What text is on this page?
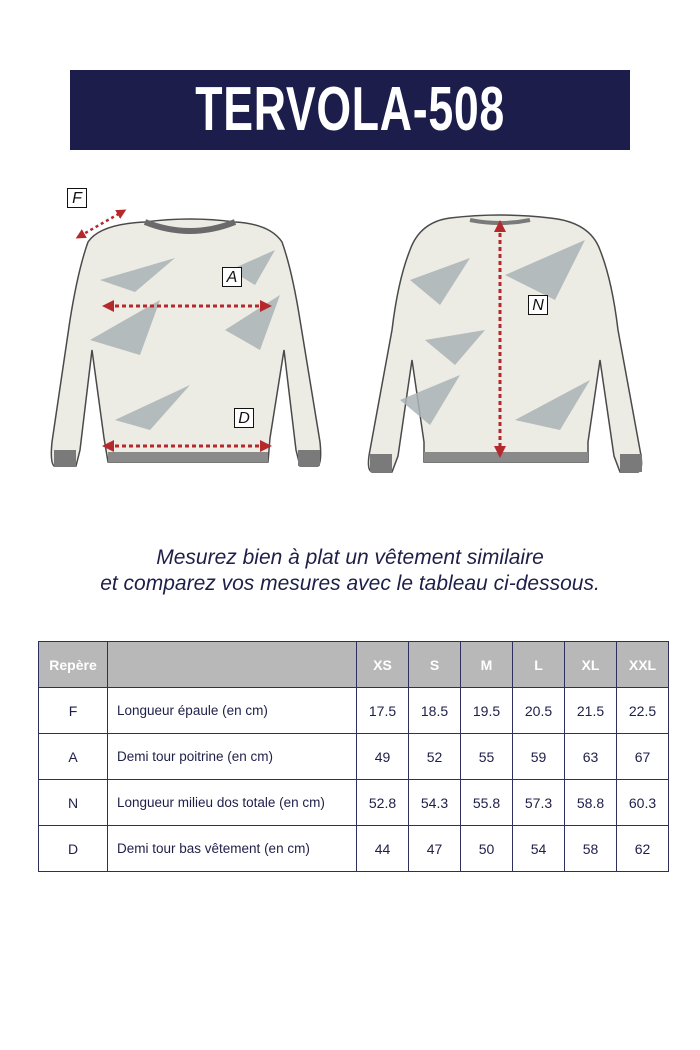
TERVOLA-508
F
A
D
N
Mesurez bien à plat un vêtement similaire
et comparez vos mesures avec le tableau ci-dessous.
Repère		XS	S	M	L	XL	XXL
F	Longueur épaule (en cm)	17.5	18.5	19.5	20.5	21.5	22.5
A	Demi tour poitrine (en cm)	49	52	55	59	63	67
N	Longueur milieu dos totale (en cm)	52.8	54.3	55.8	57.3	58.8	60.3
D	Demi tour bas vêtement (en cm)	44	47	50	54	58	62
